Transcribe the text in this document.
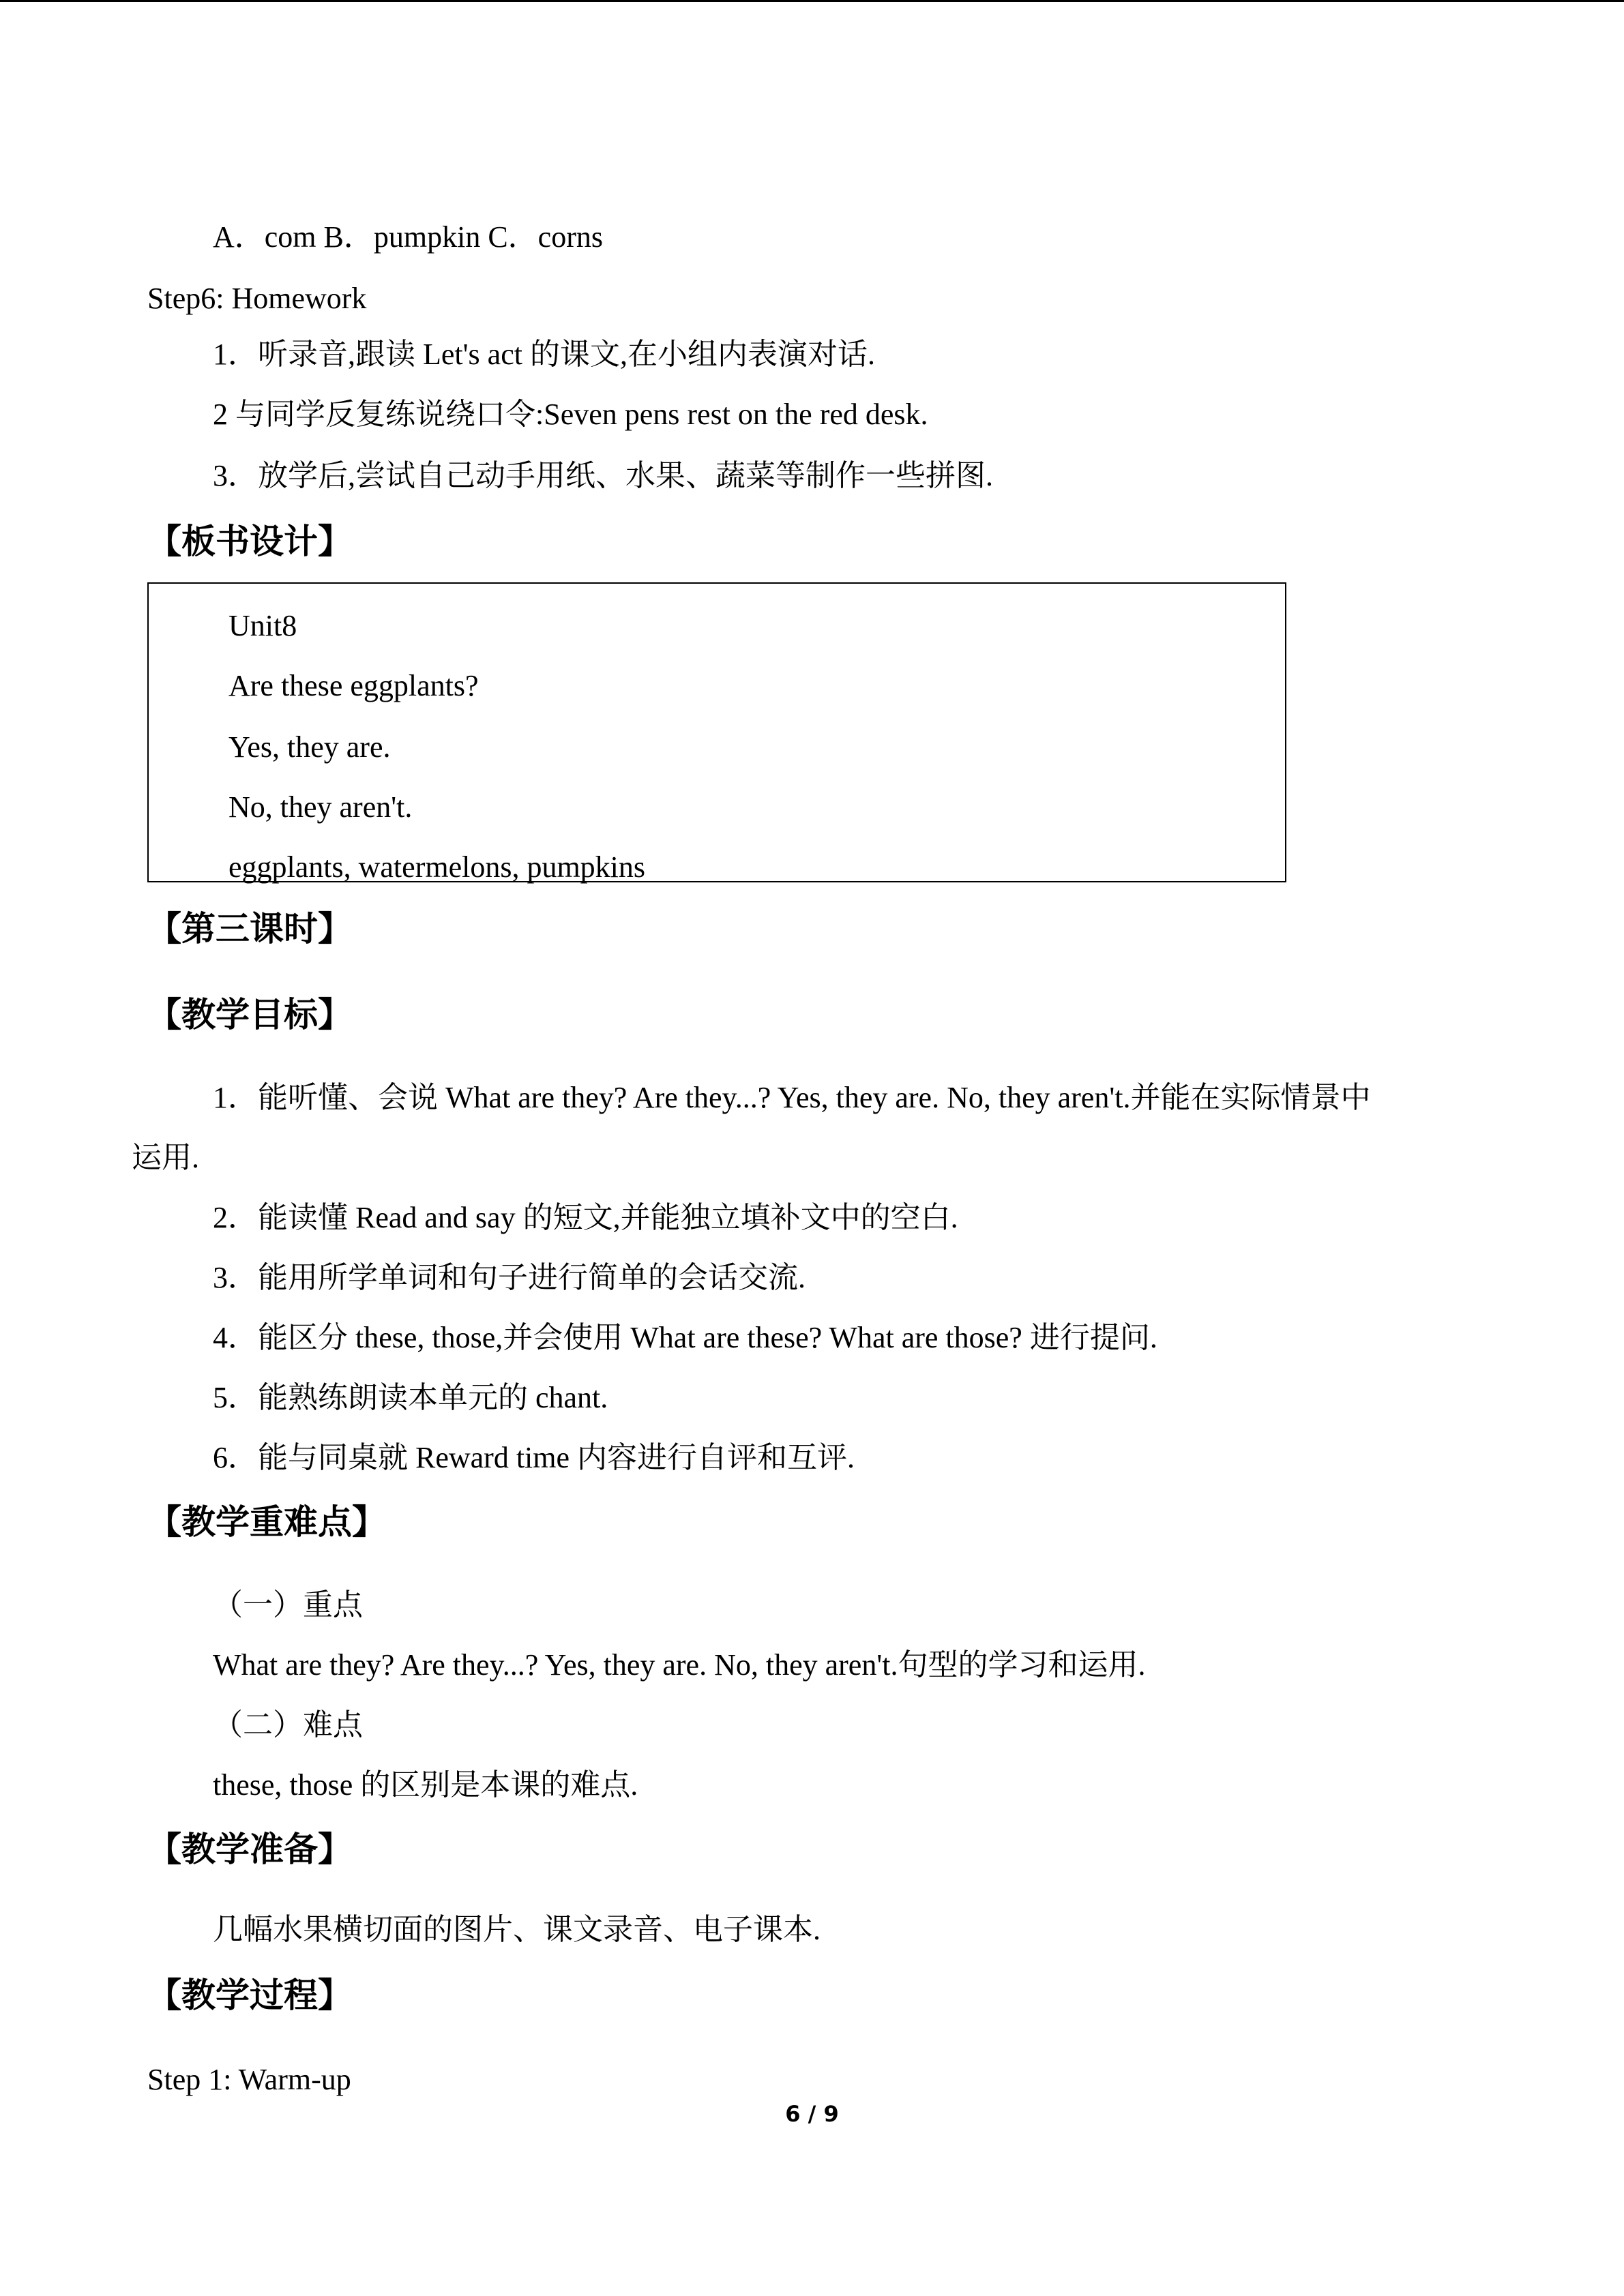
A．com B．pumpkin C．corns
Step6: Homework
1．听录音,跟读 Let's act 的课文,在小组内表演对话.
2 与同学反复练说绕口令:Seven pens rest on the red desk.
3．放学后,尝试自己动手用纸、水果、蔬菜等制作一些拼图.
【板书设计】
Unit8
Are these eggplants?
Yes, they are.
No, they aren't.
eggplants, watermelons, pumpkins
【第三课时】
【教学目标】
1．能听懂、会说 What are they? Are they...? Yes, they are. No, they aren't.并能在实际情景中
运用.
2．能读懂 Read and say 的短文,并能独立填补文中的空白.
3．能用所学单词和句子进行简单的会话交流.
4．能区分 these, those,并会使用 What are these? What are those? 进行提问.
5．能熟练朗读本单元的 chant.
6．能与同桌就 Reward time 内容进行自评和互评.
【教学重难点】
（一）重点
What are they? Are they...? Yes, they are. No, they aren't.句型的学习和运用.
（二）难点
these, those 的区别是本课的难点.
【教学准备】
几幅水果横切面的图片、课文录音、电子课本.
【教学过程】
Step 1: Warm-up
6 / 9
